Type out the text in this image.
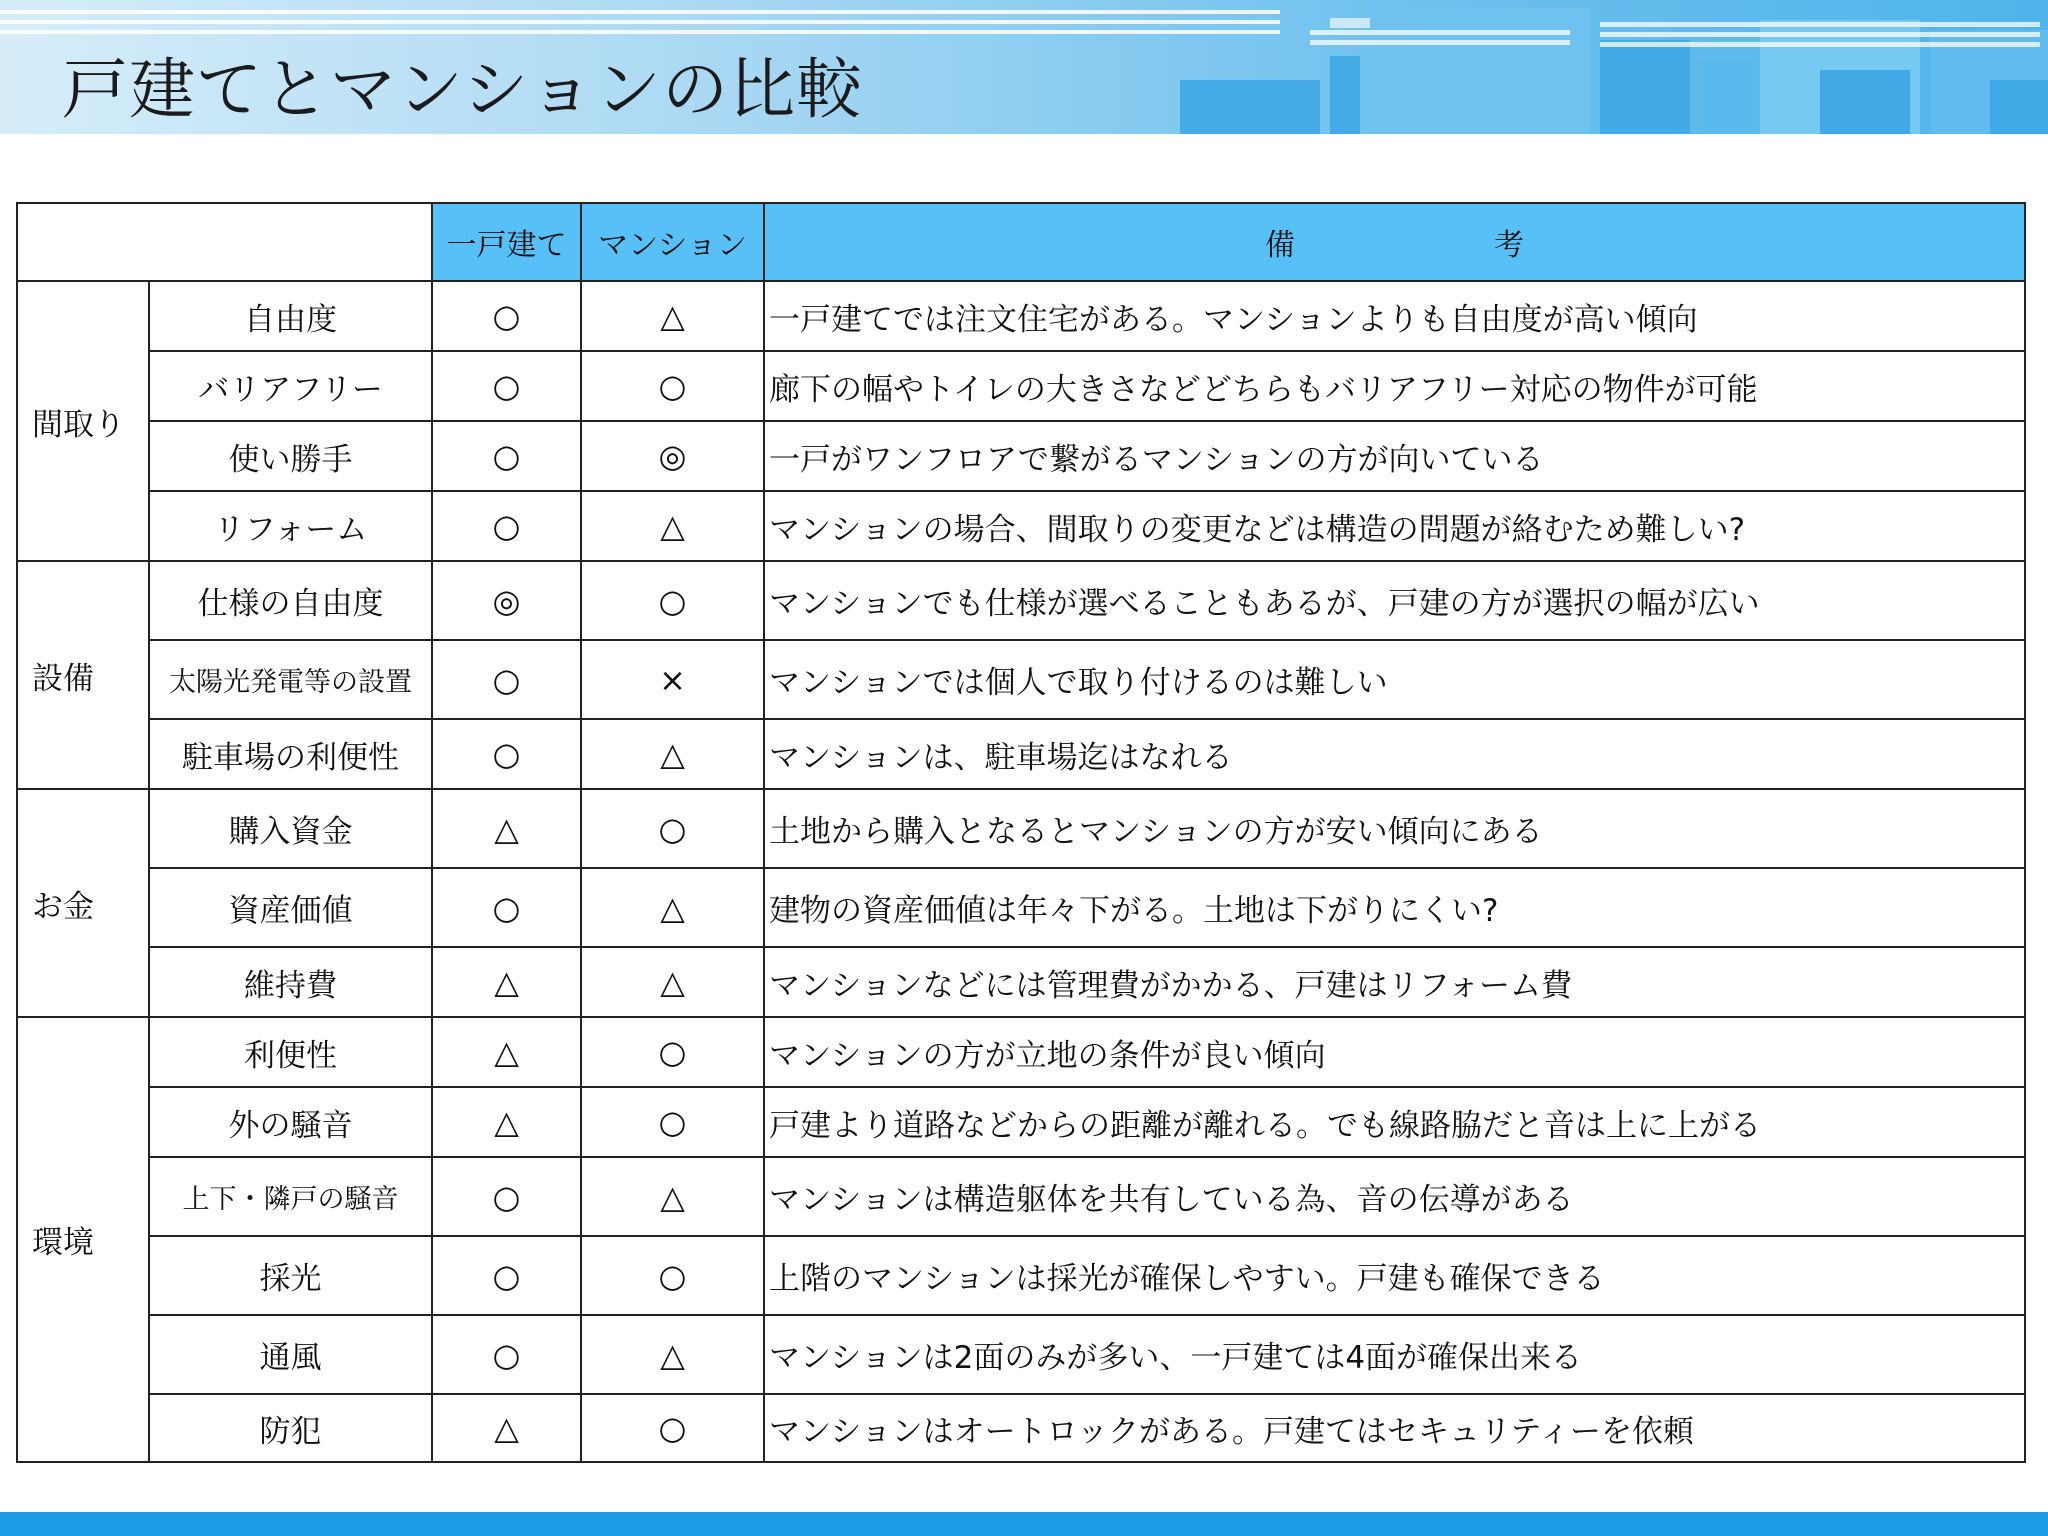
戸建てとマンションの比較
		一戸建て	マンション	備 考
間取り	自由度	○	△	一戸建てでは注文住宅がある。マンションよりも自由度が高い傾向
	バリアフリー	○	○	廊下の幅やトイレの大きさなどどちらもバリアフリー対応の物件が可能
	使い勝手	○	◎	一戸がワンフロアで繋がるマンションの方が向いている
	リフォーム	○	△	マンションの場合、間取りの変更などは構造の問題が絡むため難しい?
設備	仕様の自由度	◎	○	マンションでも仕様が選べることもあるが、戸建の方が選択の幅が広い
	太陽光発電等の設置	○	×	マンションでは個人で取り付けるのは難しい
	駐車場の利便性	○	△	マンションは、駐車場迄はなれる
お金	購入資金	△	○	土地から購入となるとマンションの方が安い傾向にある
	資産価値	○	△	建物の資産価値は年々下がる。土地は下がりにくい?
	維持費	△	△	マンションなどには管理費がかかる、戸建はリフォーム費
環境	利便性	△	○	マンションの方が立地の条件が良い傾向
	外の騒音	△	○	戸建より道路などからの距離が離れる。でも線路脇だと音は上に上がる
	上下・隣戸の騒音	○	△	マンションは構造躯体を共有している為、音の伝導がある
	採光	○	○	上階のマンションは採光が確保しやすい。戸建も確保できる
	通風	○	△	マンションは2面のみが多い、一戸建ては4面が確保出来る
	防犯	△	○	マンションはオートロックがある。戸建てはセキュリティーを依頼
